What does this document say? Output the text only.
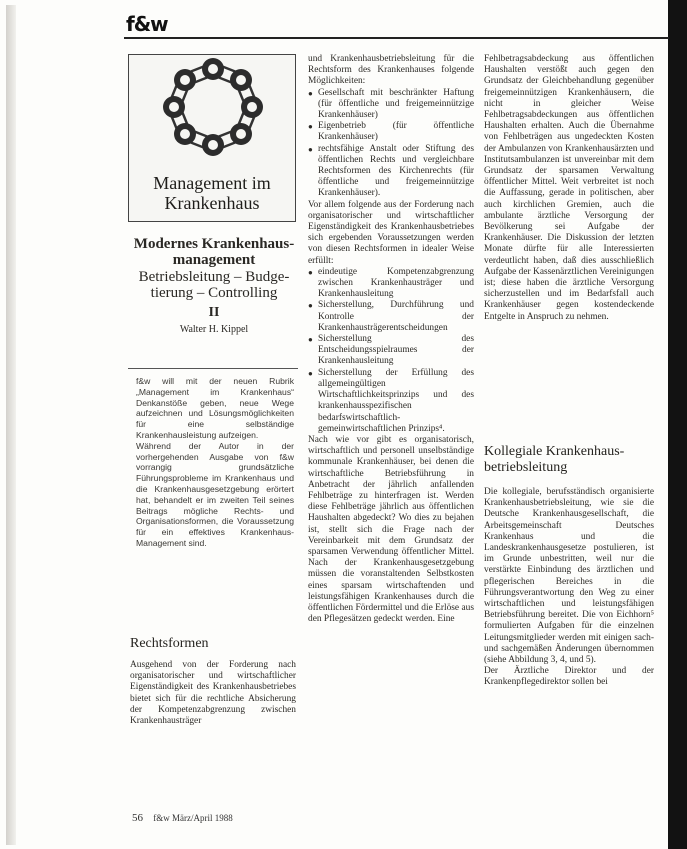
f&w
Management im
Krankenhaus
Modernes Krankenhaus-
management
Betriebsleitung – Budge-
tierung – Controlling
II
Walter H. Kippel

f&w will mit der neuen Rubrik „Management im Krankenhaus“ Denkanstöße geben, neue Wege aufzeichnen und Lösungsmöglichkeiten für eine selbständige Krankenhausleistung aufzeigen.

Während der Autor in der vorhergehenden Ausgabe von f&w vorrangig grundsätzliche Führungsprobleme im Krankenhaus und die Krankenhausgesetzgebung erörtert hat, behandelt er im zweiten Teil seines Beitrags mögliche Rechts- und Organisationsformen, die Voraussetzung für ein effektives Krankenhaus-Management sind.

Rechtsformen

Ausgehend von der Forderung nach organisatorischer und wirtschaftlicher Eigenständigkeit des Krankenhausbetriebes bietet sich für die rechtliche Absicherung der Kompetenzabgrenzung zwischen Krankenhausträger

und Krankenhausbetriebsleitung für die Rechtsform des Krankenhauses folgende Möglichkeiten:

● Gesellschaft mit beschränkter Haftung (für öffentliche und freigemeinnützige Krankenhäuser)
● Eigenbetrieb (für öffentliche Krankenhäuser)
● rechtsfähige Anstalt oder Stiftung des öffentlichen Rechts und vergleichbare Rechtsformen des Kirchenrechts (für öffentliche und freigemeinnützige Krankenhäuser).

Vor allem folgende aus der Forderung nach organisatorischer und wirtschaftlicher Eigenständigkeit des Krankenhausbetriebes sich ergebenden Voraussetzungen werden von diesen Rechtsformen in idealer Weise erfüllt:

● eindeutige Kompetenzabgrenzung zwischen Krankenhausträger und Krankenhausleitung
● Sicherstellung, Durchführung und Kontrolle der Krankenhausträgerentscheidungen
● Sicherstellung des Entscheidungsspielraumes der Krankenhausleitung
● Sicherstellung der Erfüllung des allgemeingültigen Wirtschaftlichkeitsprinzips und des krankenhausspezifischen bedarfswirtschaftlich-gemeinwirtschaftlichen Prinzips⁴.

Nach wie vor gibt es organisatorisch, wirtschaftlich und personell unselbständige kommunale Krankenhäuser, bei denen die wirtschaftliche Betriebsführung in Anbetracht der jährlich anfallenden Fehlbeträge zu hinterfragen ist. Werden diese Fehlbeträge jährlich aus öffentlichen Haushalten abgedeckt? Wo dies zu bejahen ist, stellt sich die Frage nach der Vereinbarkeit mit dem Grundsatz der sparsamen Verwendung öffentlicher Mittel. Nach der Krankenhausgesetzgebung müssen die voranstaltenden Selbstkosten eines sparsam wirtschaftenden und leistungsfähigen Krankenhauses durch die öffentlichen Fördermittel und die Erlöse aus den Pflegesätzen gedeckt werden. Eine

Fehlbetragsabdeckung aus öffentlichen Haushalten verstößt auch gegen den Grundsatz der Gleichbehandlung gegenüber freigemeinnützigen Krankenhäusern, die nicht in gleicher Weise Fehlbetragsabdeckungen aus öffentlichen Haushalten erhalten. Auch die Übernahme von Fehlbeträgen aus ungedeckten Kosten der Ambulanzen von Krankenhausärzten und Institutsambulanzen ist unvereinbar mit dem Grundsatz der sparsamen Verwaltung öffentlicher Mittel. Weit verbreitet ist noch die Auffassung, gerade in politischen, aber auch kirchlichen Gremien, auch die ambulante ärztliche Versorgung der Bevölkerung sei Aufgabe der Krankenhäuser. Die Diskussion der letzten Monate dürfte für alle Interessierten verdeutlicht haben, daß dies ausschließlich Aufgabe der Kassenärztlichen Vereinigungen ist; diese haben die ärztliche Versorgung sicherzustellen und im Bedarfsfall auch Krankenhäuser gegen kostendeckende Entgelte in Anspruch zu nehmen.

Kollegiale Krankenhaus-
betriebsleitung

Die kollegiale, berufsständisch organisierte Krankenhausbetriebsleitung, wie sie die Deutsche Krankenhausgesellschaft, die Arbeitsgemeinschaft Deutsches Krankenhaus und die Landeskrankenhausgesetze postulieren, ist im Grunde unbestritten, weil nur die verstärkte Einbindung des ärztlichen und pflegerischen Bereiches in die Führungsverantwortung den Weg zu einer wirtschaftlichen und leistungsfähigen Betriebsführung bereitet. Die von Eichhorn⁵ formulierten Aufgaben für die einzelnen Leitungsmitglieder werden mit einigen sach- und sachgemäßen Änderungen übernommen (siehe Abbildung 3, 4, und 5).

Der Ärztliche Direktor und der Krankenpflegedirektor sollen bei

56 f&w März/April 1988
